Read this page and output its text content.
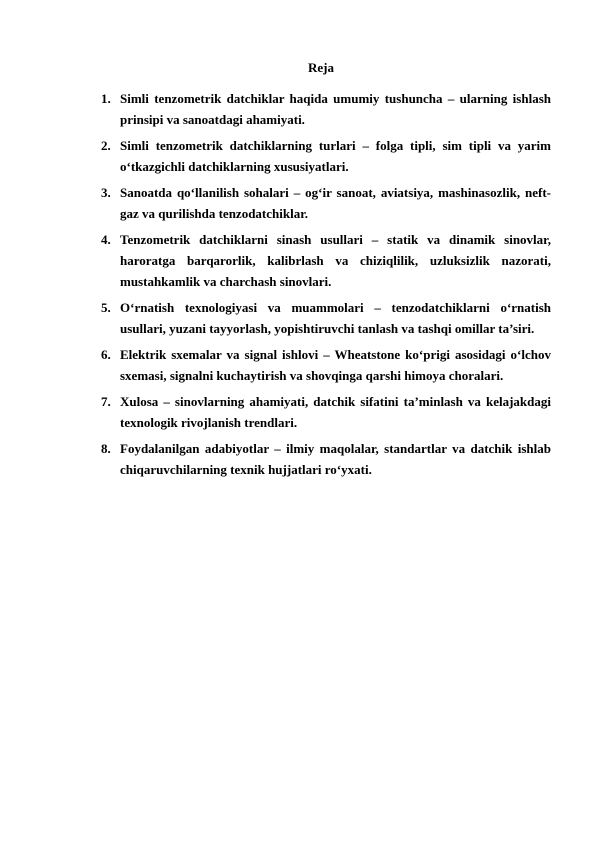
Reja
1. Simli tenzometrik datchiklar haqida umumiy tushuncha – ularning ishlash prinsipi va sanoatdagi ahamiyati.
2. Simli tenzometrik datchiklarning turlari – folga tipli, sim tipli va yarim o‘tkazgichli datchiklarning xususiyatlari.
3. Sanoatda qo‘llanilish sohalari – og‘ir sanoat, aviatsiya, mashinasozlik, neft-gaz va qurilishda tenzodatchiklar.
4. Tenzometrik datchiklarni sinash usullari – statik va dinamik sinovlar, haroratga barqarorlik, kalibrlash va chiziqlilik, uzluksizlik nazorati, mustahkamlik va charchash sinovlari.
5. O‘rnatish texnologiyasi va muammolari – tenzodatchiklarni o‘rnatish usullari, yuzani tayyorlash, yopishtiruvchi tanlash va tashqi omillar ta’siri.
6. Elektrik sxemalar va signal ishlovi – Wheatstone ko‘prigi asosidagi o‘lchov sxemasi, signalni kuchaytirish va shovqinga qarshi himoya choralari.
7. Xulosa – sinovlarning ahamiyati, datchik sifatini ta’minlash va kelajakdagi texnologik rivojlanish trendlari.
8. Foydalanilgan adabiyotlar – ilmiy maqolalar, standartlar va datchik ishlab chiqaruvchilarning texnik hujjatlari ro‘yxati.
